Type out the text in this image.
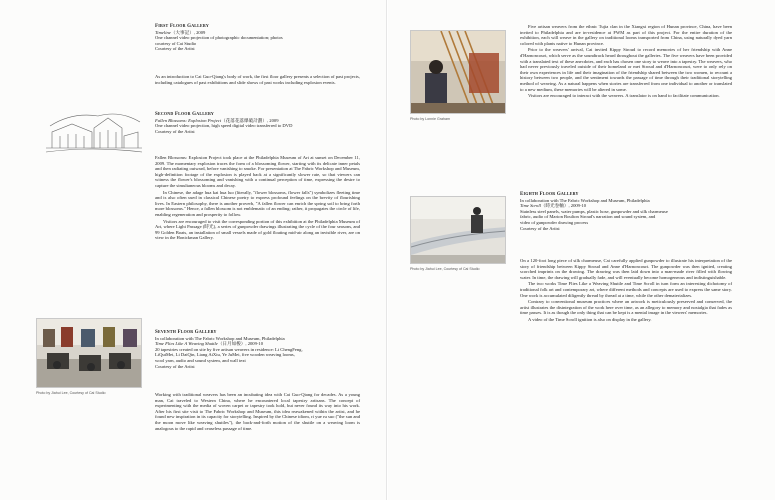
First Floor Gallery
Timeline（大事記）, 2009
One channel video projection of photographic documentation; photos
courtesy of Cai Studio
Courtesy of the Artist

As an introduction to Cai Guo-Qiang's body of work, the first floor gallery presents a selection of past projects, including catalogues of past exhibitions and slide shows of past works including explosion events.

Second Floor Gallery
Fallen Blossoms: Explosion Project（花落花落爆破計劃）, 2009
One channel video projection, high speed digital video transferred to DVD
Courtesy of the Artist

Fallen Blossoms: Explosion Project took place at the Philadelphia Museum of Art at sunset on December 11, 2009. The momentary explosion traces the form of a blossoming flower, starting with its delicate inner petals and then radiating outward, before vanishing to smoke. For presentation at The Fabric Workshop and Museum, high-definition footage of the explosion is played back at a significantly slower rate, so that viewers can witness the flower's blossoming and vanishing with a continual perception of time, expressing the desire to capture the simultaneous blooms and decay.

In Chinese, the adage hua kai hua luo (literally, "flower blossoms, flower falls") symbolizes fleeting time and is also often used in classical Chinese poetry to express profound feelings on the brevity of flourishing lives. In Eastern philosophy, there is another proverb, "A fallen flower can enrich the spring soil to bring forth more blossoms." Hence, a fallen blossom is not emblematic of an ending; rather, it propagates the circle of life, enabling regeneration and prosperity to follow.

Visitors are encouraged to visit the corresponding portion of this exhibition at the Philadelphia Museum of Art, where Light Passage (時光), a series of gunpowder drawings illustrating the cycle of the four seasons, and 99 Golden Boats, an installation of small vessels made of gold floating mid-air along an invisible river, are on view in the Honickman Gallery.

Photo by Jiahui Lee, Courtesy of Cai Studio
Seventh Floor Gallery
In collaboration with The Fabric Workshop and Museum, Philadelphia
Time Flies Like A Weaving Shuttle（日月如梭）, 2009-10
20 tapestries created on site by five artisan weavers in residence: Li ChengFeng,
LiQuiMei, Li DaiQin, Liang AiXiu, Ye JuMei, five wooden weaving looms,
wool yarn, audio and sound system, and wall text
Courtesy of the Artist

Working with traditional weavers has been an incubating idea with Cai Guo-Qiang for decades. As a young man, Cai traveled to Western China, where he encountered local tapestry artisans. The concept of experimenting with the media of woven carpet or tapestry took hold, but never found its way into his work. After his first site visit to The Fabric Workshop and Museum, this idea reawakened within the artist, and he found new inspiration in its capacity for storytelling. Inspired by the Chinese idiom, ri yue ru suo ("the sun and the moon move like weaving shuttles"), the back-and-forth motion of the shuttle on a weaving loom is analogous to the rapid and ceaseless passage of time.

Photo by Lonnie Graham

Five artisan weavers from the ethnic Tujia clan in the Xiangxi region of Hunan province, China, have been invited to Philadelphia and are in-residence at FWM as part of this project. For the entire duration of the exhibition, each will weave in the gallery on traditional looms transported from China, using naturally dyed yarn colored with plants native to Hunan province.

Prior to the weavers' arrival, Cai invited Kippy Stroud to record memories of her friendship with Anne d'Harnoncourt, which serve as the soundtrack heard throughout the galleries. The five weavers have been provided with a translated text of these anecdotes, and each has chosen one story to weave into a tapestry. The weavers, who had never previously traveled outside of their homeland or met Stroud and d'Harnoncourt, were to only rely on their own experiences in life and their imagination of the friendship shared between the two women, to recount a history between two people, and the sentiment towards the passage of time through their traditional storytelling method of weaving. As a natural happens when stories are transferred from one individual to another or translated to a new medium, these memories will be altered in some.

Visitors are encouraged to interact with the weavers. A translator is on hand to facilitate communication.

Photo by Jiahui Lee, Courtesy of Cai Studio
Eighth Floor Gallery
In collaboration with The Fabric Workshop and Museum, Philadelphia
Time Scroll（時光卷軸）, 2009-10
Stainless steel panels, water pumps, plastic hose, gunpowder and silk charmeuse
fabric, audio of Marion Boulton Stroud's narration and sound system, and
video of gunpowder drawing process
Courtesy of the Artist

On a 120-foot long piece of silk charmeuse, Cai carefully applied gunpowder to illustrate his interpretation of the story of friendship between Kippy Stroud and Anne d'Harnoncourt. The gunpowder was then ignited, creating scorched imprints on the drawing. The drawing was then laid down into a man-made river filled with flowing water. In time, the drawing will gradually fade, and will eventually become homogeneous and indistinguishable.

The two works Time Flies Like a Weaving Shuttle and Time Scroll in turn form an interesting dichotomy of traditional folk art and contemporary art, where different methods and concepts are used to express the same story. One work is accumulated diligently thread by thread at a time, while the other dematerializes.

Contrary to conventional museum practices where an artwork is meticulously preserved and conserved, the artist illustrates the disintegration of the work here over time, as an allegory to memory and nostalgia that fades as time passes. It is as though the only thing that can be kept is a mental image in the viewers' memories.

A video of the Time Scroll ignition is also on display in the gallery.
